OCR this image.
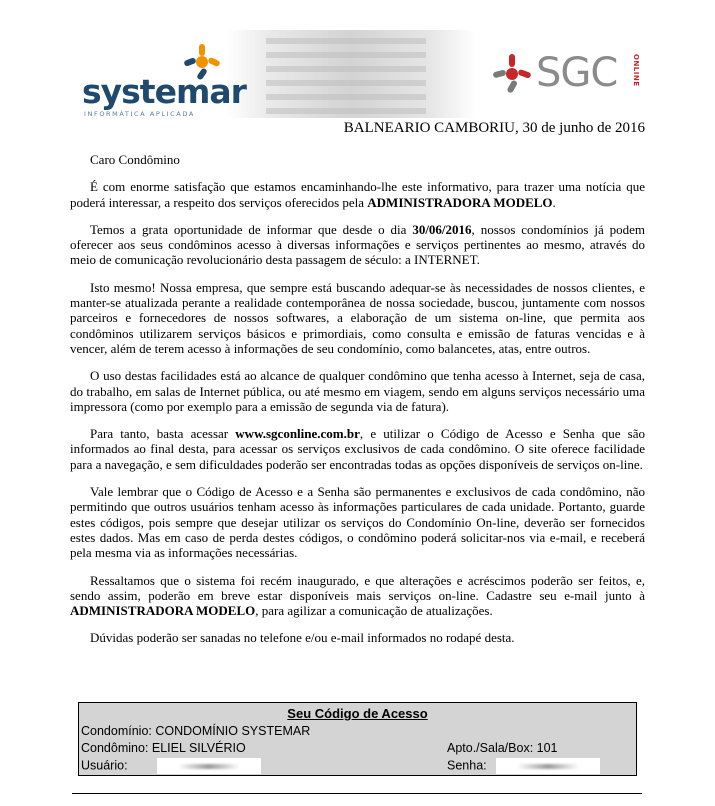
systemar
INFORMÁTICA APLICADA
SGC ONLINE
BALNEARIO CAMBORIU, 30 de junho de 2016

Caro Condômino

É com enorme satisfação que estamos encaminhando-lhe este informativo, para trazer uma notícia que poderá interessar, a respeito dos serviços oferecidos pela ADMINISTRADORA MODELO.

Temos a grata oportunidade de informar que desde o dia 30/06/2016, nossos condomínios já podem oferecer aos seus condôminos acesso à diversas informações e serviços pertinentes ao mesmo, através do meio de comunicação revolucionário desta passagem de século: a INTERNET.

Isto mesmo! Nossa empresa, que sempre está buscando adequar-se às necessidades de nossos clientes, e manter-se atualizada perante a realidade contemporânea de nossa sociedade, buscou, juntamente com nossos parceiros e fornecedores de nossos softwares, a elaboração de um sistema on-line, que permita aos condôminos utilizarem serviços básicos e primordiais, como consulta e emissão de faturas vencidas e à vencer, além de terem acesso à informações de seu condomínio, como balancetes, atas, entre outros.

O uso destas facilidades está ao alcance de qualquer condômino que tenha acesso à Internet, seja de casa, do trabalho, em salas de Internet pública, ou até mesmo em viagem, sendo em alguns serviços necessário uma impressora (como por exemplo para a emissão de segunda via de fatura).

Para tanto, basta acessar www.sgconline.com.br, e utilizar o Código de Acesso e Senha que são informados ao final desta, para acessar os serviços exclusivos de cada condômino. O site oferece facilidade para a navegação, e sem dificuldades poderão ser encontradas todas as opções disponíveis de serviços on-line.

Vale lembrar que o Código de Acesso e a Senha são permanentes e exclusivos de cada condômino, não permitindo que outros usuários tenham acesso às informações particulares de cada unidade. Portanto, guarde estes códigos, pois sempre que desejar utilizar os serviços do Condomínio On-line, deverão ser fornecidos estes dados. Mas em caso de perda destes códigos, o condômino poderá solicitar-nos via e-mail, e receberá pela mesma via as informações necessárias.

Ressaltamos que o sistema foi recém inaugurado, e que alterações e acréscimos poderão ser feitos, e, sendo assim, poderão em breve estar disponíveis mais serviços on-line. Cadastre seu e-mail junto à ADMINISTRADORA MODELO, para agilizar a comunicação de atualizações.

Dúvidas poderão ser sanadas no telefone e/ou e-mail informados no rodapé desta.

Seu Código de Acesso
Condomínio: CONDOMÍNIO SYSTEMAR
Condômino: ELIEL SILVÉRIO	Apto./Sala/Box: 101
Usuário:	Senha:
